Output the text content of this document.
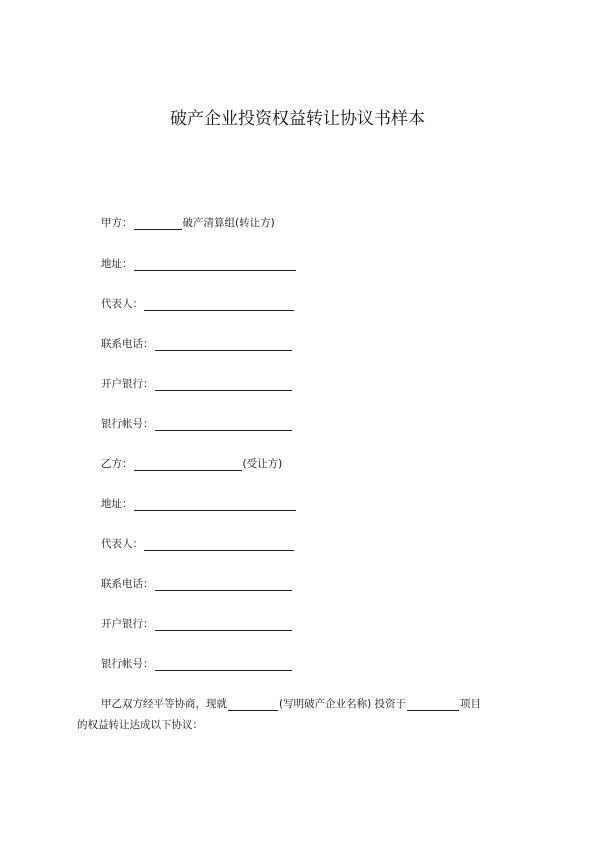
破产企业投资权益转让协议书样本
甲方：	破产清算组(转让方)
地址：
代表人：
联系电话：
开户银行：
银行帐号：
乙方：	(受让方)
地址：
代表人：
联系电话：
开户银行：
银行帐号：
甲乙双方经平等协商，现就	(写明破产企业名称) 投资于	项目
的权益转让达成以下协议：
